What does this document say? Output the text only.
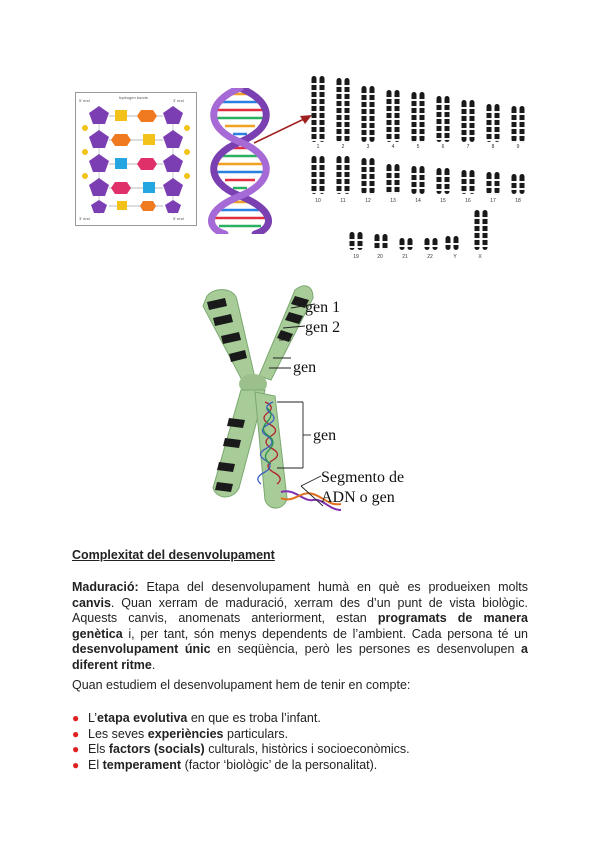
5' end	3' end
hydrogen bonds
3' end	5' end
1	2	3	4	5	6	7	8	9
10	11	12	13	14	15	16	17	18
19	20	21	22	Y	X
gen 1
gen 2
gen
gen
Segmento de
ADN o gen
Complexitat del desenvolupament

Maduració: Etapa del desenvolupament humà en què es produeixen molts canvis. Quan xerram de maduració, xerram des d’un punt de vista biològic. Aquests canvis, anomenats anteriorment, estan programats de manera genètica i, per tant, són menys dependents de l’ambient. Cada persona té un desenvolupament únic en seqüència, però les persones es desenvolupen a diferent ritme.

Quan estudiem el desenvolupament hem de tenir en compte:

● L’etapa evolutiva en que es troba l’infant.
● Les seves experiències particulars.
● Els factors (socials) culturals, històrics i socioeconòmics.
● El temperament (factor ‘biològic’ de la personalitat).
